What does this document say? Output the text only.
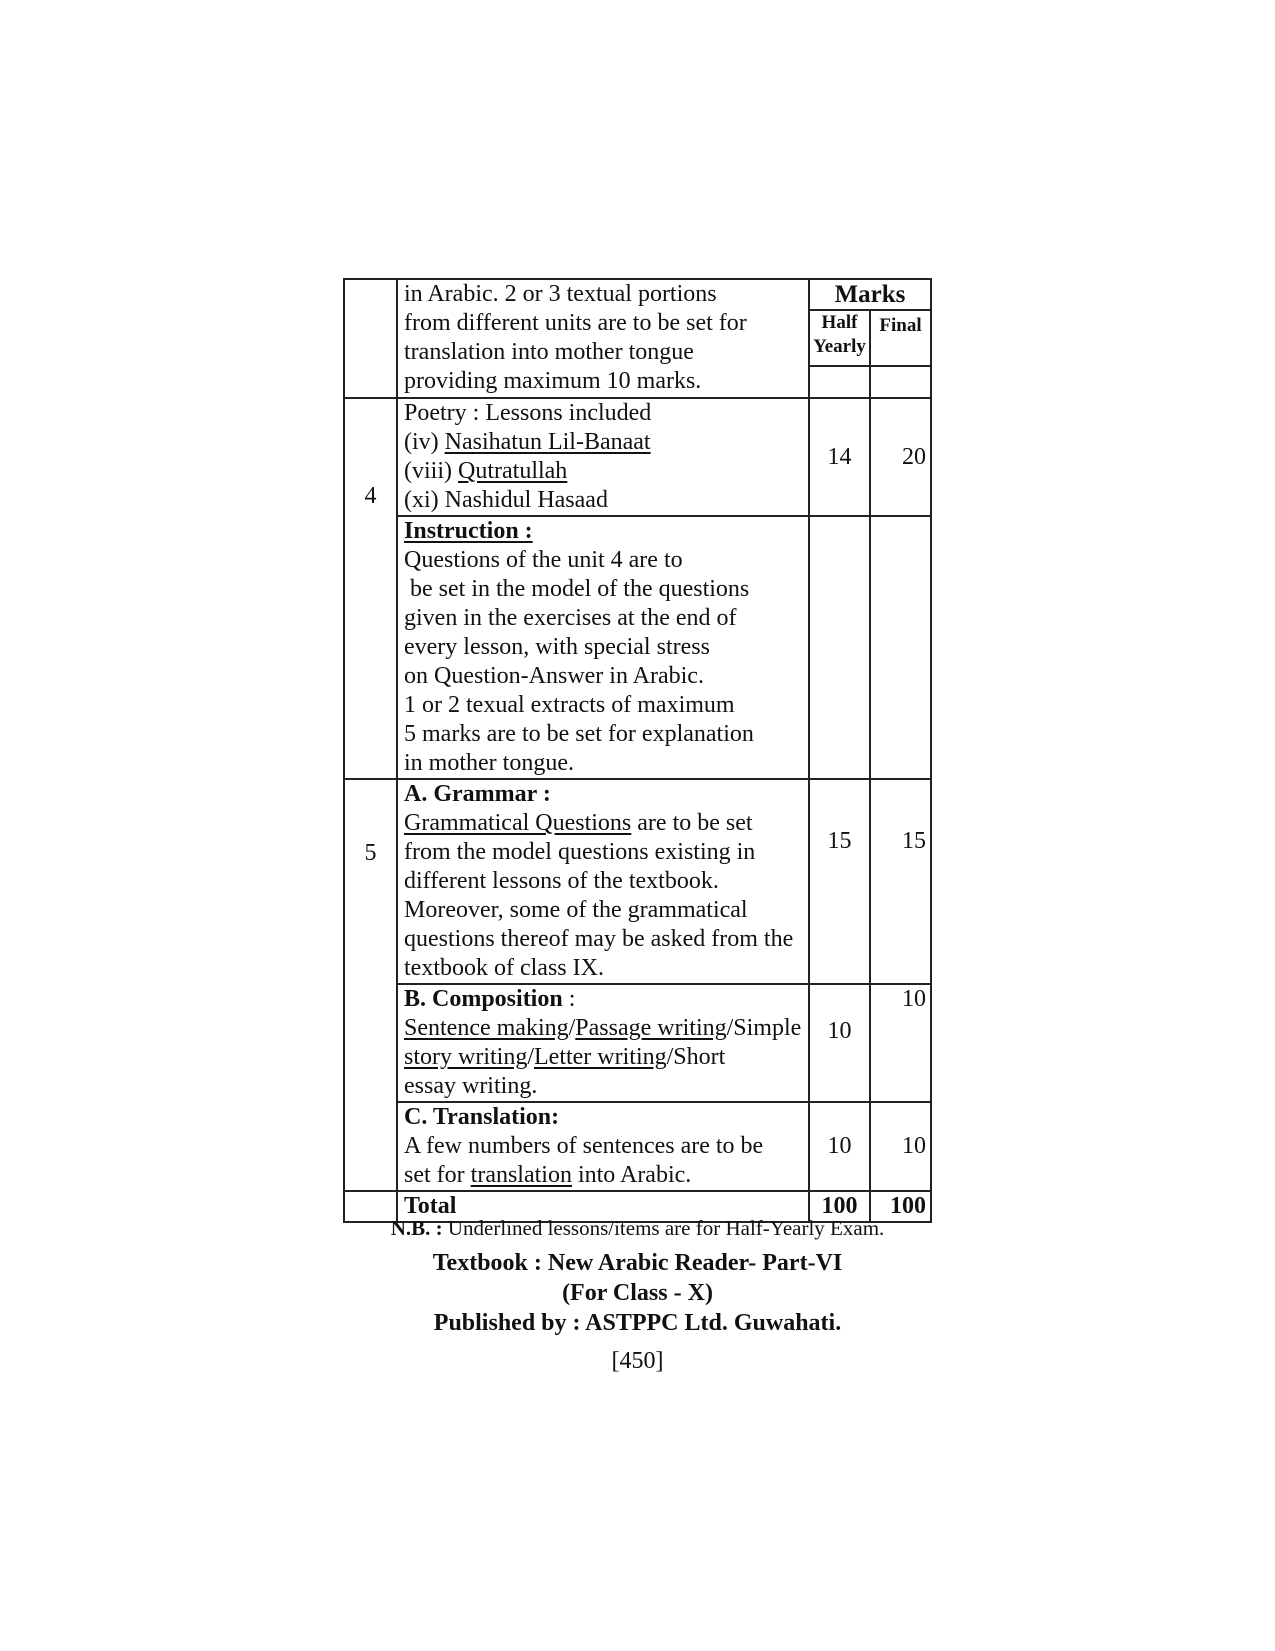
in Arabic. 2 or 3 textual portions
from different units are to be set for
translation into mother tongue
providing maximum 10 marks.

Marks

Half
Yearly
	Final

4	
Poetry : Lessons included
(iv) Nasihatun Lil-Banaat
(viii) Qutratullah
(xi) Nashidul Hasaad
	14	20

Instruction :
Questions of the unit 4 are to
be set in the model of the questions
given in the exercises at the end of
every lesson, with special stress
on Question-Answer in Arabic.
1 or 2 texual extracts of maximum
5 marks are to be set for explanation
in mother tongue.

5	
A. Grammar :
Grammatical Questions are to be set
from the model questions existing in
different lessons of the textbook.
Moreover, some of the grammatical
questions thereof may be asked from the
textbook of class IX.
	15	15

B. Composition :
Sentence making/Passage writing/Simple
story writing/Letter writing/Short
essay writing.
	10	10

C. Translation:
A few numbers of sentences are to be
set for translation into Arabic.
	10	10
	Total	100	100
N.B. : Underlined lessons/items are for Half-Yearly Exam.
Textbook : New Arabic Reader- Part-VI
(For Class - X)
Published by : ASTPPC Ltd. Guwahati.
[450]
